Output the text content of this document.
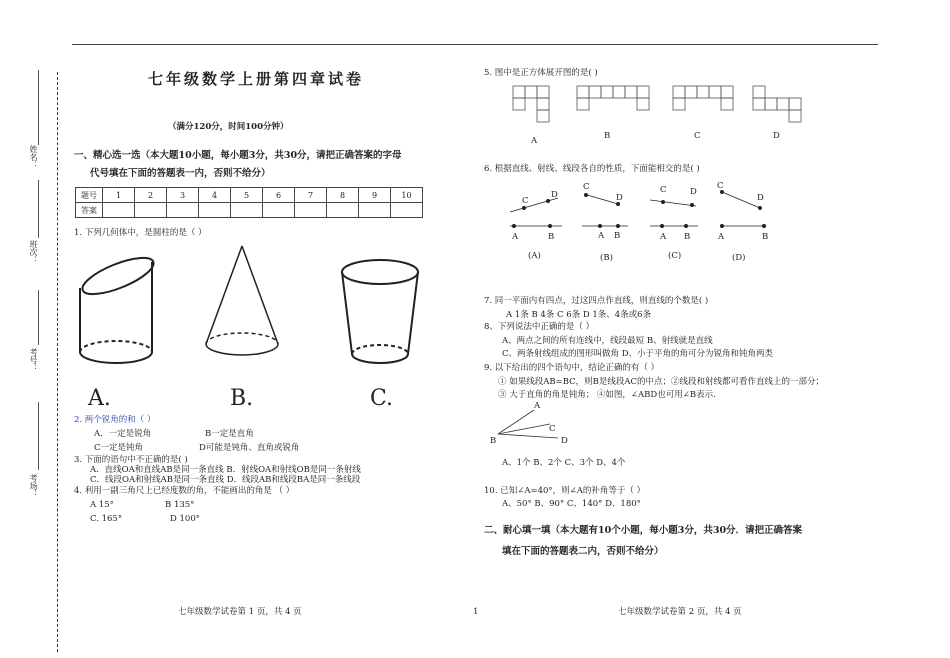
姓名：
班次：
考号：
考场：
七年级数学上册第四章试卷
（满分120分，时间100分钟）
一、精心选一选（本大题10小题，每小题3分，共30分，请把正确答案的字母
代号填在下面的答题表一内，否则不给分）
题号	1	2	3	4	5	6	7	8	9	10
答案										
1. 下列几何体中，是圆柱的是（ ）
A.	B.	C.
2. 两个锐角的和（ ）
A．一定是锐角	B一定是直角
C一定是钝角	D可能是钝角、直角或锐角
3. 下面的语句中不正确的是( )
A．直线OA和直线AB是同一条直线 B．射线OA和射线OB是同一条射线
C．线段OA和射线AB是同一条直线 D．线段AB和线段BA是同一条线段
4. 利用一副三角尺上已经度数的角，不能画出的角是 （ ）
A 15°	B 135°
C. 165°	D 100°
七年级数学试卷第 1 页，共 4 页	1	七年级数学试卷第 2 页，共 4 页
5. 图中是正方体展开图的是( )
A	B	C	D
6. 根据直线、射线、线段各自的性质，下面能相交的是( )
C
D
A	B
C
D
A B
C	D
A B
C
D
A	B
(A)	(B)	(C)	(D)
7. 同一平面内有四点，过这四点作直线，则直线的个数是( )
A 1条 B 4条 C 6条 D 1条、4条或6条
8、下列说法中正确的是（ ）
A、两点之间的所有连线中，线段最短 B、射线就是直线
C、两条射线组成的图形叫做角 D、小于平角的角可分为锐角和钝角两类
9. 以下给出的四个语句中，结论正确的有（ ）
① 如果线段AB=BC，则B是线段AC的中点；②线段和射线都可看作直线上的一部分；
③ 大于直角的角是钝角； ④如图，∠ABD也可用∠B表示.
A
C
B	D
A、1个 B、2个 C、3个 D、4个
10. 已知∠A=40°，则∠A的补角等于（ ）
A、50° B、90° C、140° D、180°
二、耐心填一填（本大题有10个小题，每小题3分，共30分．请把正确答案
填在下面的答题表二内，否则不给分）
